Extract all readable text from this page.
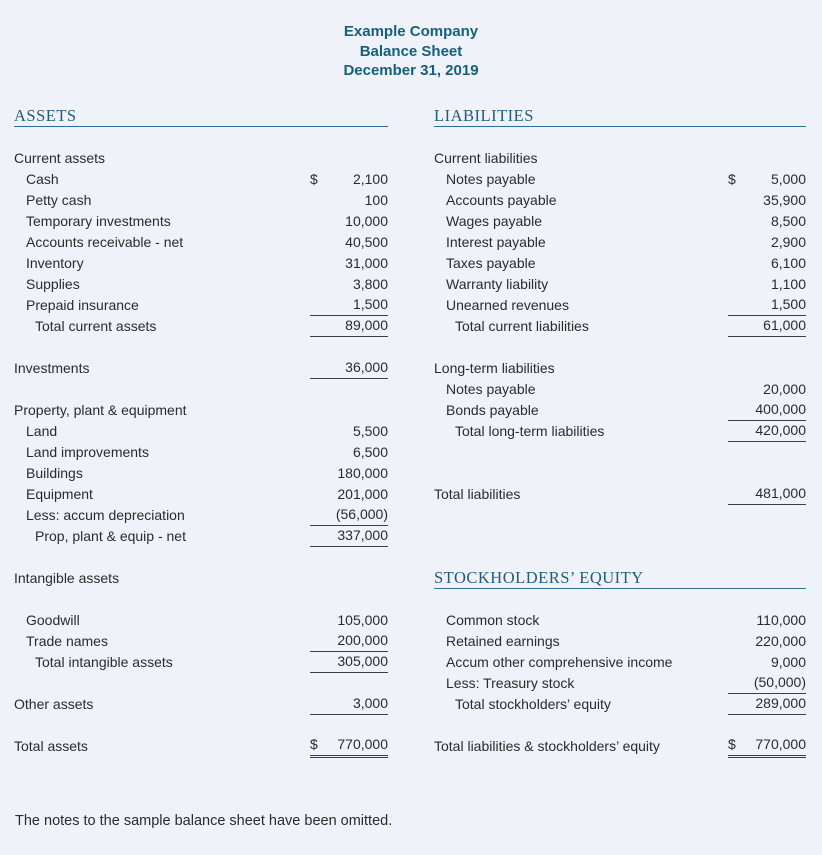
Example Company
Balance Sheet
December 31, 2019
ASSETS
Current assets
Cash	$	2,100
Petty cash	100
Temporary investments	10,000
Accounts receivable - net	40,500
Inventory	31,000
Supplies	3,800
Prepaid insurance	1,500
Total current assets	89,000
Investments	36,000
Property, plant & equipment
Land	5,500
Land improvements	6,500
Buildings	180,000
Equipment	201,000
Less: accum depreciation	(56,000)
Prop, plant & equip - net	337,000
Intangible assets
Goodwill	105,000
Trade names	200,000
Total intangible assets	305,000
Other assets	3,000
Total assets	$ 770,000
LIABILITIES
Current liabilities
Notes payable	$	5,000
Accounts payable	35,900
Wages payable	8,500
Interest payable	2,900
Taxes payable	6,100
Warranty liability	1,100
Unearned revenues	1,500
Total current liabilities	61,000
Long-term liabilities
Notes payable	20,000
Bonds payable	400,000
Total long-term liabilities	420,000
Total liabilities	481,000
STOCKHOLDERS’ EQUITY
Common stock	110,000
Retained earnings	220,000
Accum other comprehensive income	9,000
Less: Treasury stock	(50,000)
Total stockholders’ equity	289,000
Total liabilities & stockholders’ equity	$ 770,000
The notes to the sample balance sheet have been omitted.
